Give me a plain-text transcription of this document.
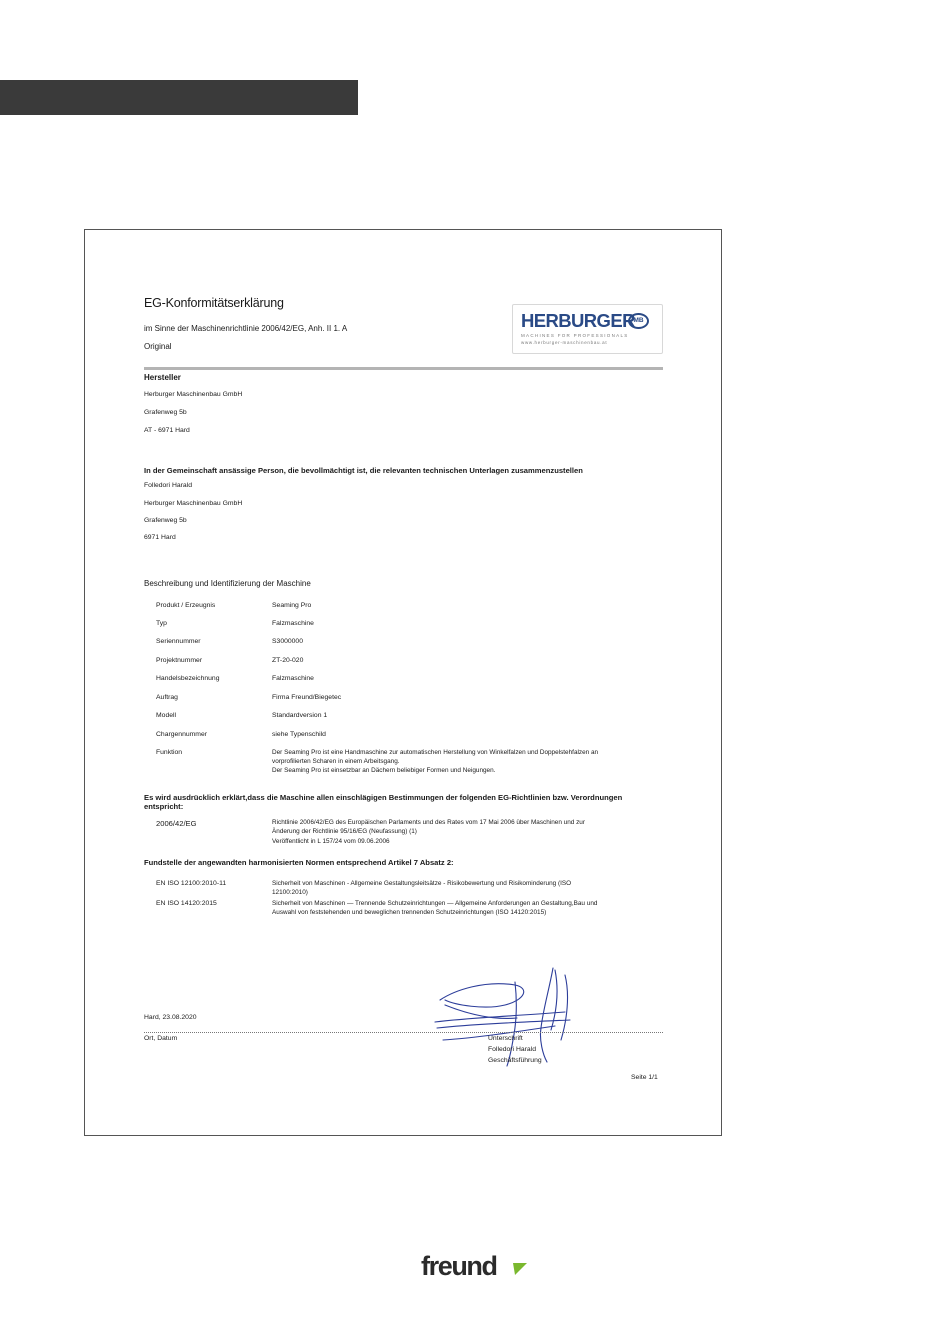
EG-Konformitätserklärung
im Sinne der Maschinenrichtlinie 2006/42/EG, Anh. II 1. A
Original
HERBURGER
MB
MACHINES FOR PROFESSIONALS
www.herburger-maschinenbau.at
Hersteller
Herburger Maschinenbau GmbH
Grafenweg 5b
AT - 6971 Hard
In der Gemeinschaft ansässige Person, die bevollmächtigt ist, die relevanten technischen Unterlagen zusammenzustellen
Folledori Harald
Herburger Maschinenbau GmbH
Grafenweg 5b
6971 Hard
Beschreibung und Identifizierung der Maschine
Produkt / Erzeugnis	Seaming Pro
Typ	Falzmaschine
Seriennummer	S3000000
Projektnummer	ZT-20-020
Handelsbezeichnung	Falzmaschine
Auftrag	Firma Freund/Biegetec
Modell	Standardversion 1
Chargennummer	siehe Typenschild
Funktion	Der Seaming Pro ist eine Handmaschine zur automatischen Herstellung von Winkelfalzen und Doppelstehfalzen an
vorprofilierten Scharen in einem Arbeitsgang.
Der Seaming Pro ist einsetzbar an Dächern beliebiger Formen und Neigungen.
Es wird ausdrücklich erklärt,dass die Maschine allen einschlägigen Bestimmungen der folgenden EG-Richtlinien bzw. Verordnungen
entspricht:
2006/42/EG	Richtlinie 2006/42/EG des Europäischen Parlaments und des Rates vom 17 Mai 2006 über Maschinen und zur
Änderung der Richtlinie 95/16/EG (Neufassung) (1)
Veröffentlicht in L 157/24 vom 09.06.2006
Fundstelle der angewandten harmonisierten Normen entsprechend Artikel 7 Absatz 2:
EN ISO 12100:2010-11	Sicherheit von Maschinen - Allgemeine Gestaltungsleitsätze - Risikobewertung und Risikominderung (ISO
12100:2010)
EN ISO 14120:2015	Sicherheit von Maschinen — Trennende Schutzeinrichtungen — Allgemeine Anforderungen an Gestaltung,Bau und
Auswahl von feststehenden und beweglichen trennenden Schutzeinrichtungen (ISO 14120:2015)
Hard, 23.08.2020
Ort, Datum	Unterschrift
Folledori Harald
Geschäftsführung
Seite 1/1
freund
